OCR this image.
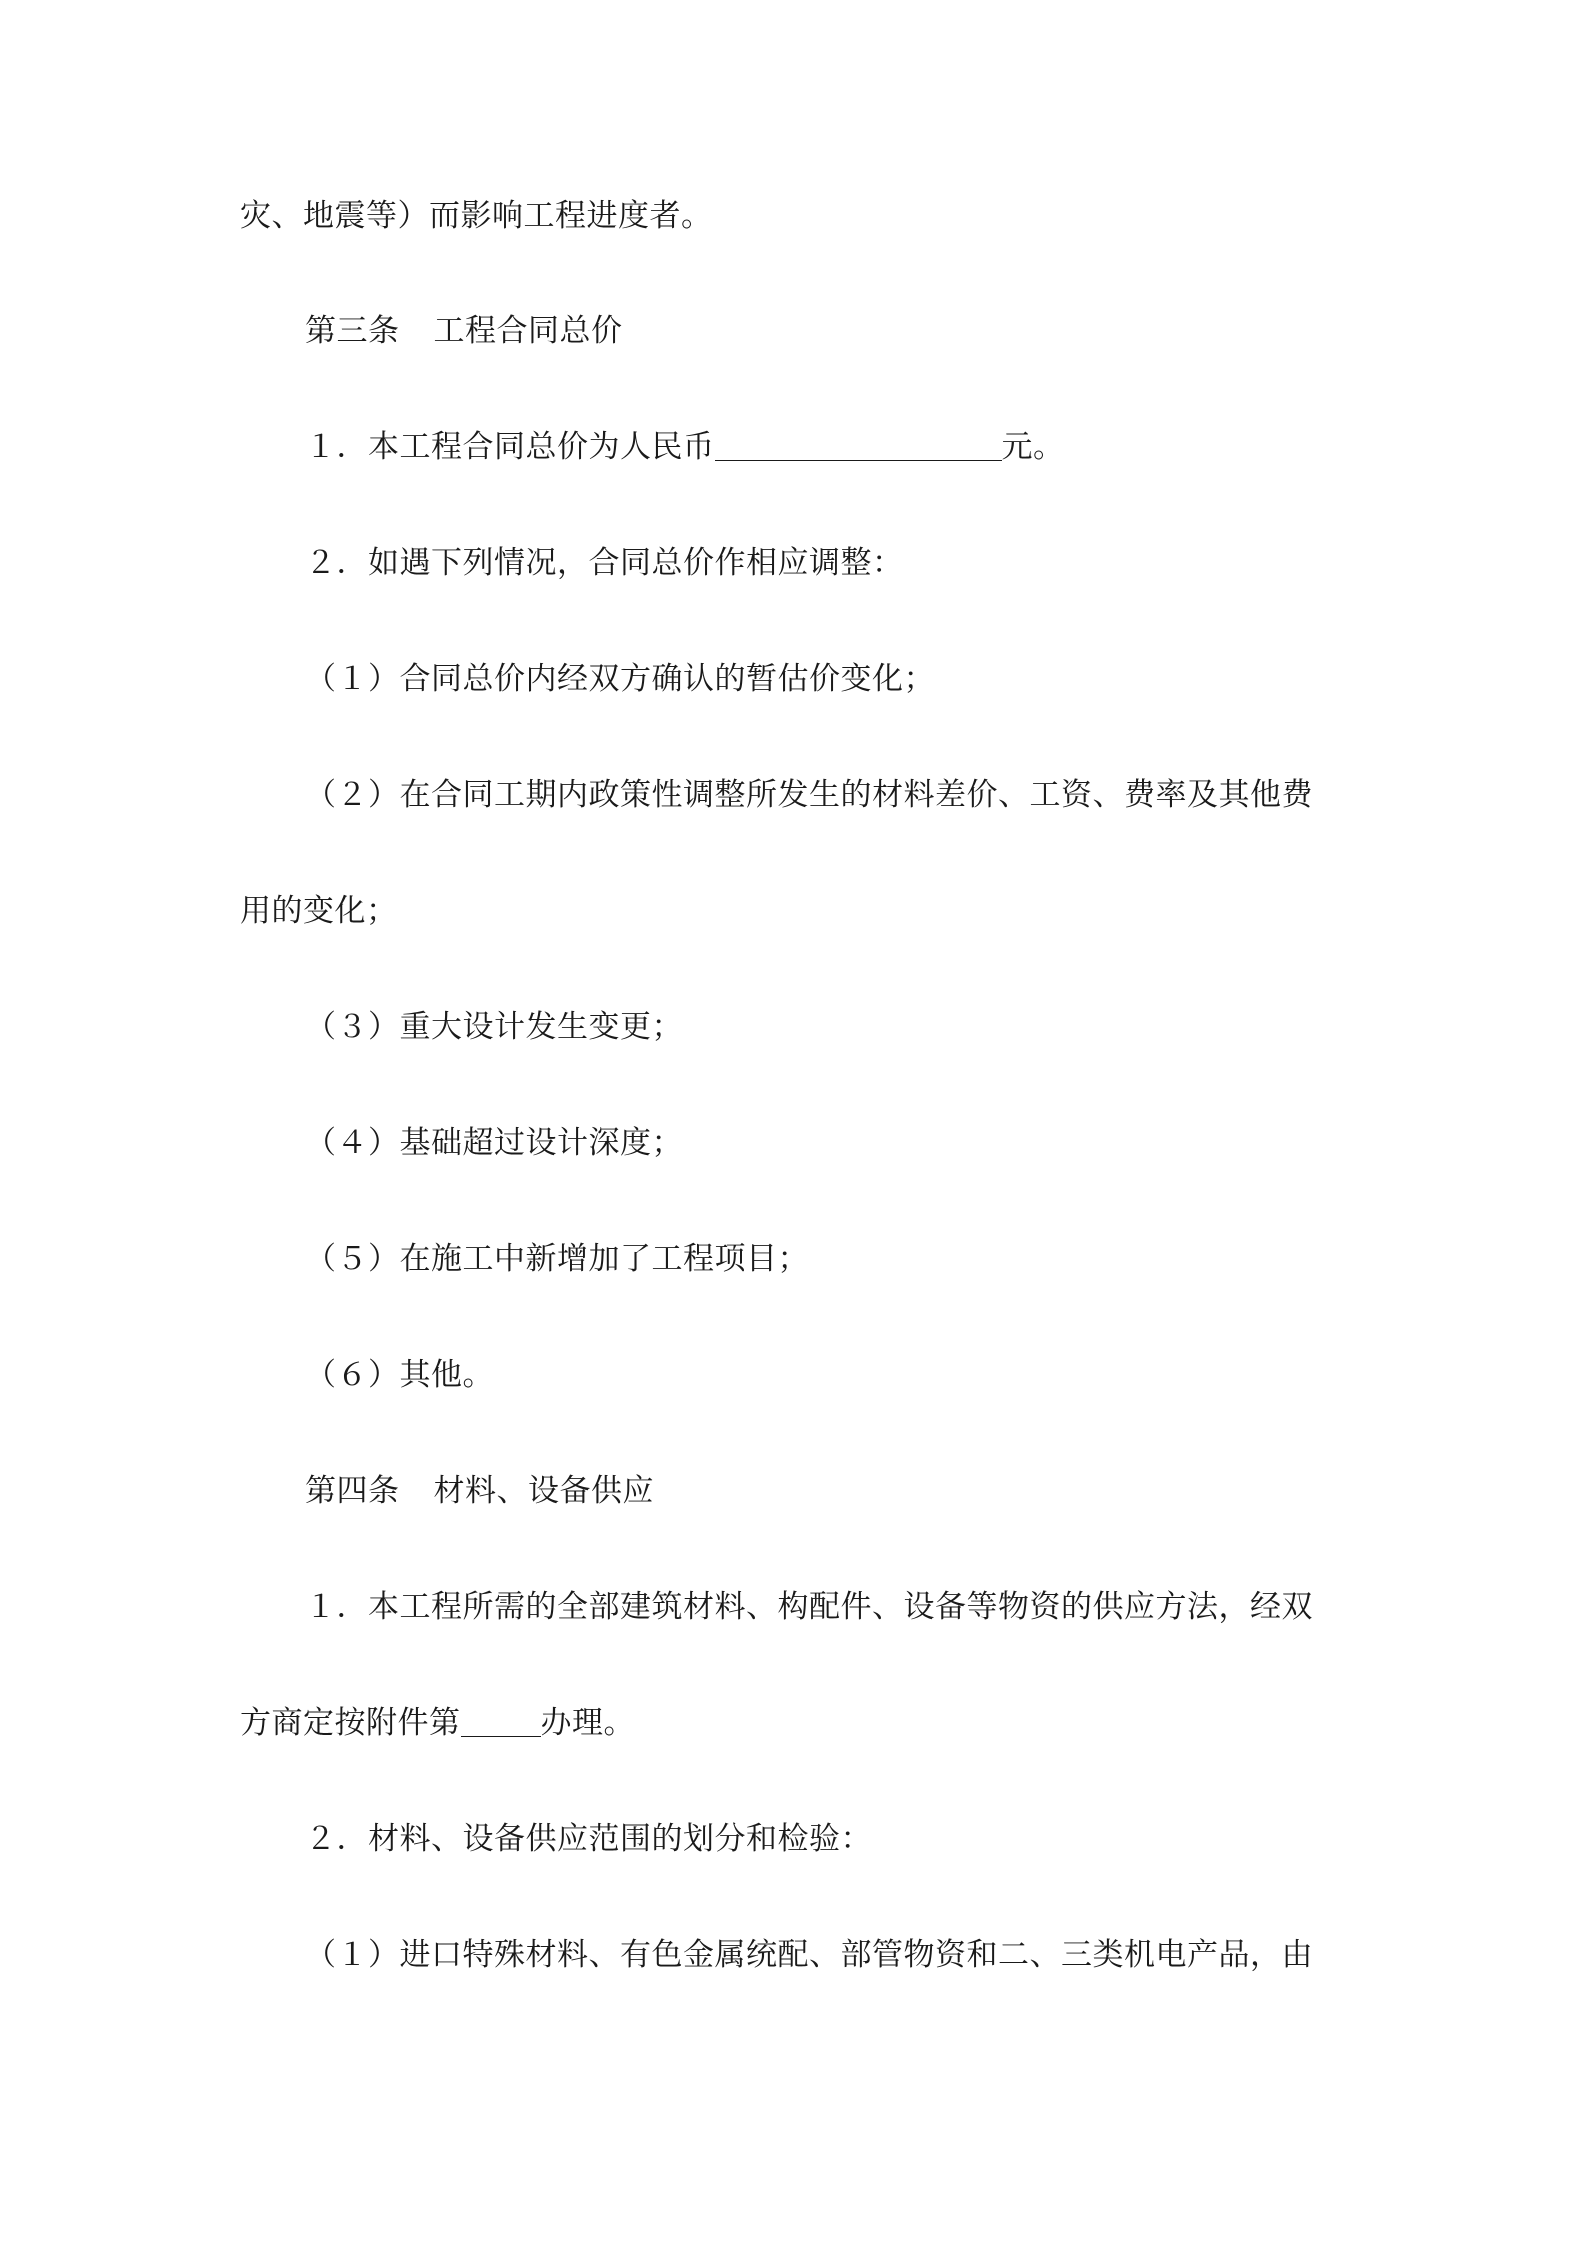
灾、地震等）而影响工程进度者。
第三条 工程合同总价
１．本工程合同总价为人民币	元。
２．如遇下列情况，合同总价作相应调整：
（１）合同总价内经双方确认的暂估价变化；
（２）在合同工期内政策性调整所发生的材料差价、工资、费率及其他费
用的变化；
（３）重大设计发生变更；
（４）基础超过设计深度；
（５）在施工中新增加了工程项目；
（６）其他。
第四条 材料、设备供应
１．本工程所需的全部建筑材料、构配件、设备等物资的供应方法，经双
方商定按附件第	办理。
２．材料、设备供应范围的划分和检验：
（１）进口特殊材料、有色金属统配、部管物资和二、三类机电产品，由
